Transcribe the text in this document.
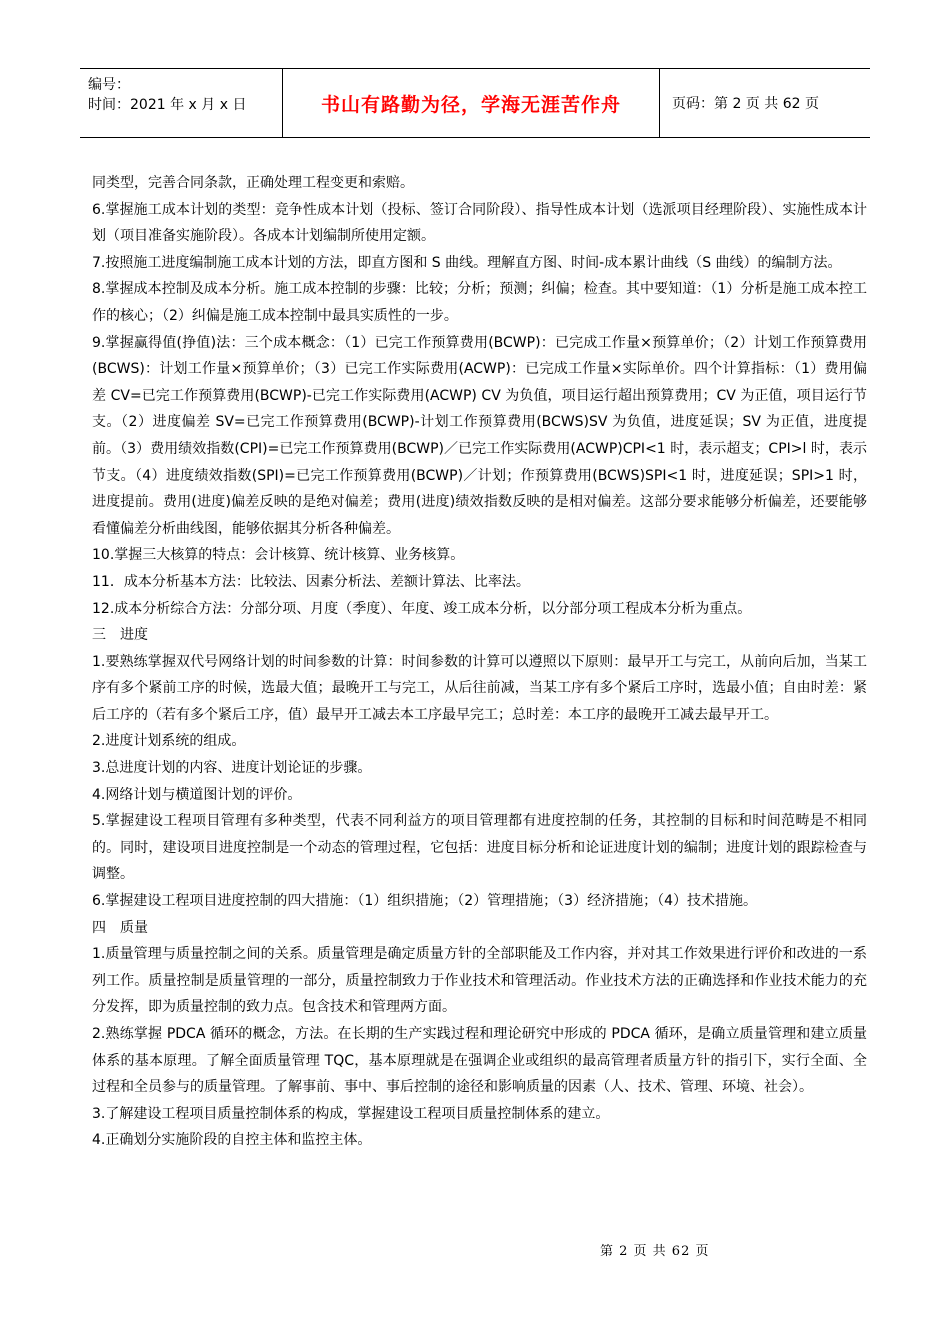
编号：
时间：2021 年 x 月 x 日	书山有路勤为径，学海无涯苦作舟	页码：第 2 页 共 62 页

同类型，完善合同条款，正确处理工程变更和索赔。

6.掌握施工成本计划的类型：竞争性成本计划（投标、签订合同阶段）、指导性成本计划（选派项目经理阶段）、实施性成本计划（项目准备实施阶段）。各成本计划编制所使用定额。

7.按照施工进度编制施工成本计划的方法，即直方图和 S 曲线。理解直方图、时间-成本累计曲线（S 曲线）的编制方法。

8.掌握成本控制及成本分析。施工成本控制的步骤：比较；分析；预测；纠偏；检查。其中要知道：（1）分析是施工成本控工作的核心；（2）纠偏是施工成本控制中最具实质性的一步。

9.掌握赢得值(挣值)法：三个成本概念：（1）已完工作预算费用(BCWP)：已完成工作量×预算单价；（2）计划工作预算费用(BCWS)：计划工作量×预算单价；（3）已完工作实际费用(ACWP)：已完成工作量×实际单价。四个计算指标：（1）费用偏差 CV=已完工作预算费用(BCWP)-已完工作实际费用(ACWP) CV 为负值，项目运行超出预算费用；CV 为正值，项目运行节支。（2）进度偏差 SV=已完工作预算费用(BCWP)-计划工作预算费用(BCWS)SV 为负值，进度延误；SV 为正值，进度提前。（3）费用绩效指数(CPI)=已完工作预算费用(BCWP)／已完工作实际费用(ACWP)CPI<1 时，表示超支；CPI>l 时，表示节支。（4）进度绩效指数(SPI)=已完工作预算费用(BCWP)／计划；作预算费用(BCWS)SPI<1 时，进度延误；SPI>1 时，进度提前。费用(进度)偏差反映的是绝对偏差；费用(进度)绩效指数反映的是相对偏差。这部分要求能够分析偏差，还要能够看懂偏差分析曲线图，能够依据其分析各种偏差。

10.掌握三大核算的特点：会计核算、统计核算、业务核算。

11．成本分析基本方法：比较法、因素分析法、差额计算法、比率法。

12.成本分析综合方法：分部分项、月度（季度）、年度、竣工成本分析，以分部分项工程成本分析为重点。

三　进度

1.要熟练掌握双代号网络计划的时间参数的计算：时间参数的计算可以遵照以下原则：最早开工与完工，从前向后加，当某工序有多个紧前工序的时候，选最大值；最晚开工与完工，从后往前减，当某工序有多个紧后工序时，选最小值；自由时差：紧后工序的（若有多个紧后工序，值）最早开工减去本工序最早完工；总时差：本工序的最晚开工减去最早开工。

2.进度计划系统的组成。

3.总进度计划的内容、进度计划论证的步骤。

4.网络计划与横道图计划的评价。

5.掌握建设工程项目管理有多种类型，代表不同利益方的项目管理都有进度控制的任务，其控制的目标和时间范畴是不相同的。同时，建设项目进度控制是一个动态的管理过程，它包括：进度目标分析和论证进度计划的编制；进度计划的跟踪检查与调整。

6.掌握建设工程项目进度控制的四大措施：（1）组织措施；（2）管理措施；（3）经济措施；（4）技术措施。

四　质量

1.质量管理与质量控制之间的关系。质量管理是确定质量方针的全部职能及工作内容，并对其工作效果进行评价和改进的一系列工作。质量控制是质量管理的一部分，质量控制致力于作业技术和管理活动。作业技术方法的正确选择和作业技术能力的充分发挥，即为质量控制的致力点。包含技术和管理两方面。

2.熟练掌握 PDCA 循环的概念，方法。在长期的生产实践过程和理论研究中形成的 PDCA 循环，是确立质量管理和建立质量体系的基本原理。了解全面质量管理 TQC，基本原理就是在强调企业或组织的最高管理者质量方针的指引下，实行全面、全过程和全员参与的质量管理。了解事前、事中、事后控制的途径和影响质量的因素（人、技术、管理、环境、社会）。

3.了解建设工程项目质量控制体系的构成，掌握建设工程项目质量控制体系的建立。

4.正确划分实施阶段的自控主体和监控主体。

第 2 页 共 62 页
